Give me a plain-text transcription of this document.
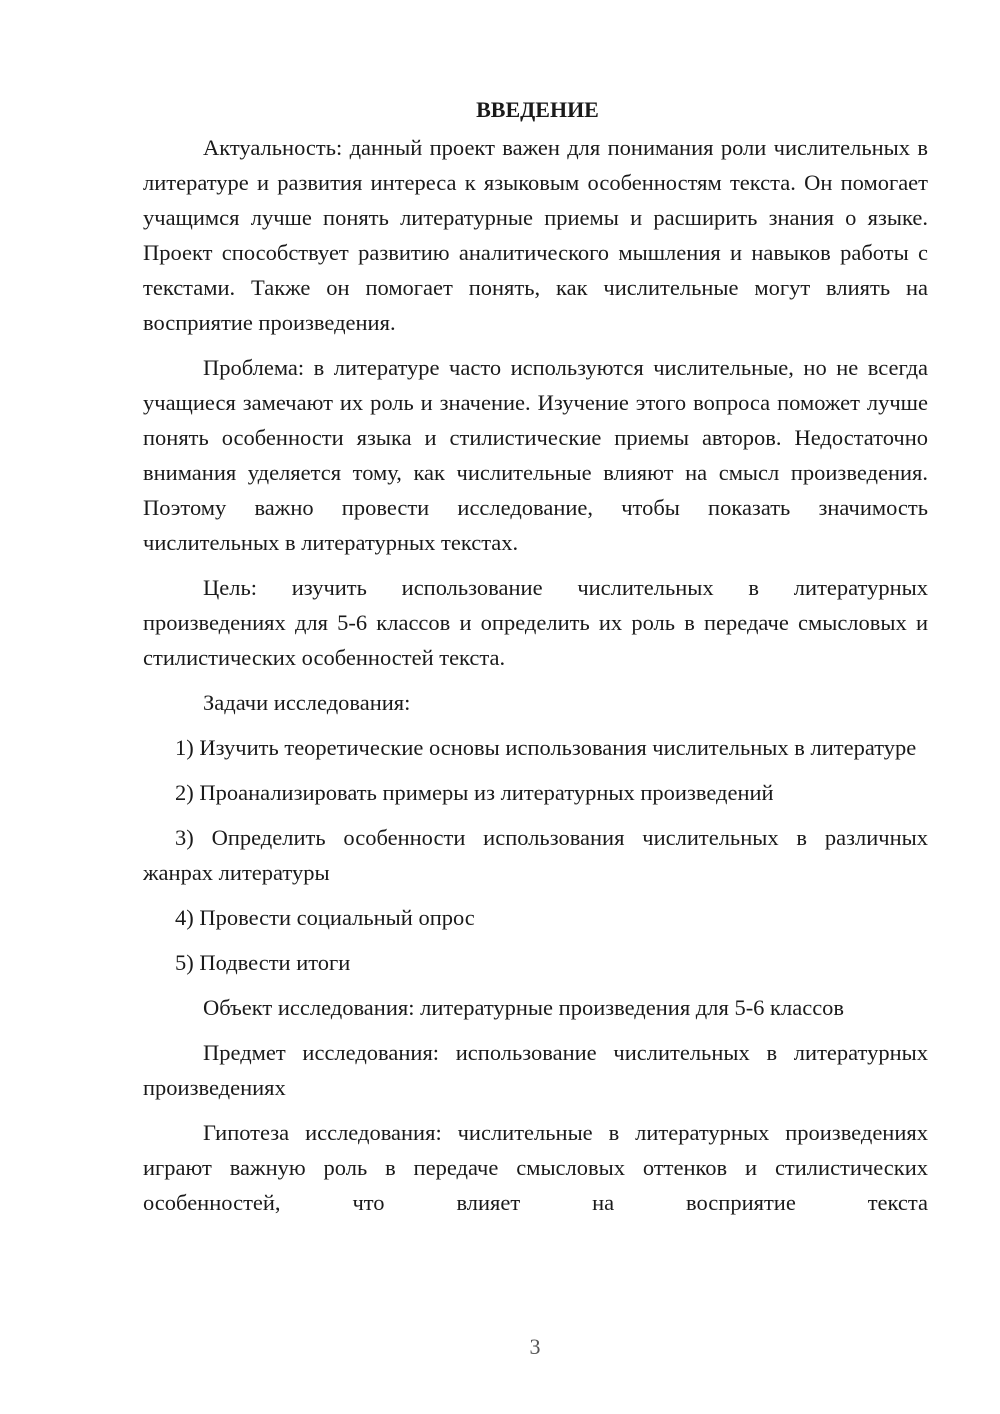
ВВЕДЕНИЕ

Актуальность: данный проект важен для понимания роли числительных в литературе и развития интереса к языковым особенностям текста. Он помогает учащимся лучше понять литературные приемы и расширить знания о языке. Проект способствует развитию аналитического мышления и навыков работы с текстами. Также он помогает понять, как числительные могут влиять на восприятие произведения.

Проблема: в литературе часто используются числительные, но не всегда учащиеся замечают их роль и значение. Изучение этого вопроса поможет лучше понять особенности языка и стилистические приемы авторов. Недостаточно внимания уделяется тому, как числительные влияют на смысл произведения. Поэтому важно провести исследование, чтобы показать значимость числительных в литературных текстах.

Цель: изучить использование числительных в литературных произведениях для 5-6 классов и определить их роль в передаче смысловых и стилистических особенностей текста.

Задачи исследования:

1) Изучить теоретические основы использования числительных в литературе

2) Проанализировать примеры из литературных произведений

3) Определить особенности использования числительных в различных жанрах литературы

4) Провести социальный опрос

5) Подвести итоги

Объект исследования: литературные произведения для 5-6 классов

Предмет исследования: использование числительных в литературных произведениях

Гипотеза исследования: числительные в литературных произведениях играют важную роль в передаче смысловых оттенков и стилистических особенностей, что влияет на восприятие текста

3
